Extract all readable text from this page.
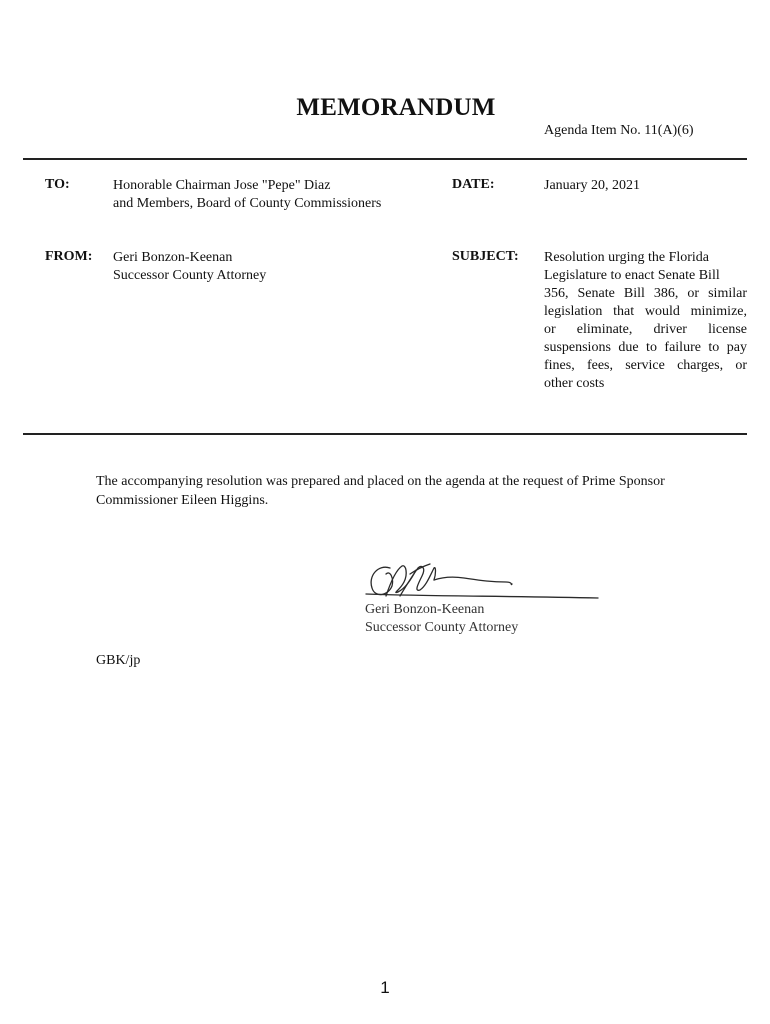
MEMORANDUM
Agenda Item No. 11(A)(6)
TO:	Honorable Chairman Jose "Pepe" Diaz
and Members, Board of County Commissioners
DATE:	January 20, 2021
FROM: Geri Bonzon-Keenan
Successor County Attorney
SUBJECT: Resolution urging the Florida
Legislature to enact Senate Bill
356, Senate Bill 386, or similar
legislation that would minimize,
or eliminate, driver license
suspensions due to failure to pay
fines, fees, service charges, or
other costs
The accompanying resolution was prepared and placed on the agenda at the request of Prime Sponsor
Commissioner Eileen Higgins.
Geri Bonzon-Keenan
Successor County Attorney
GBK/jp
1
